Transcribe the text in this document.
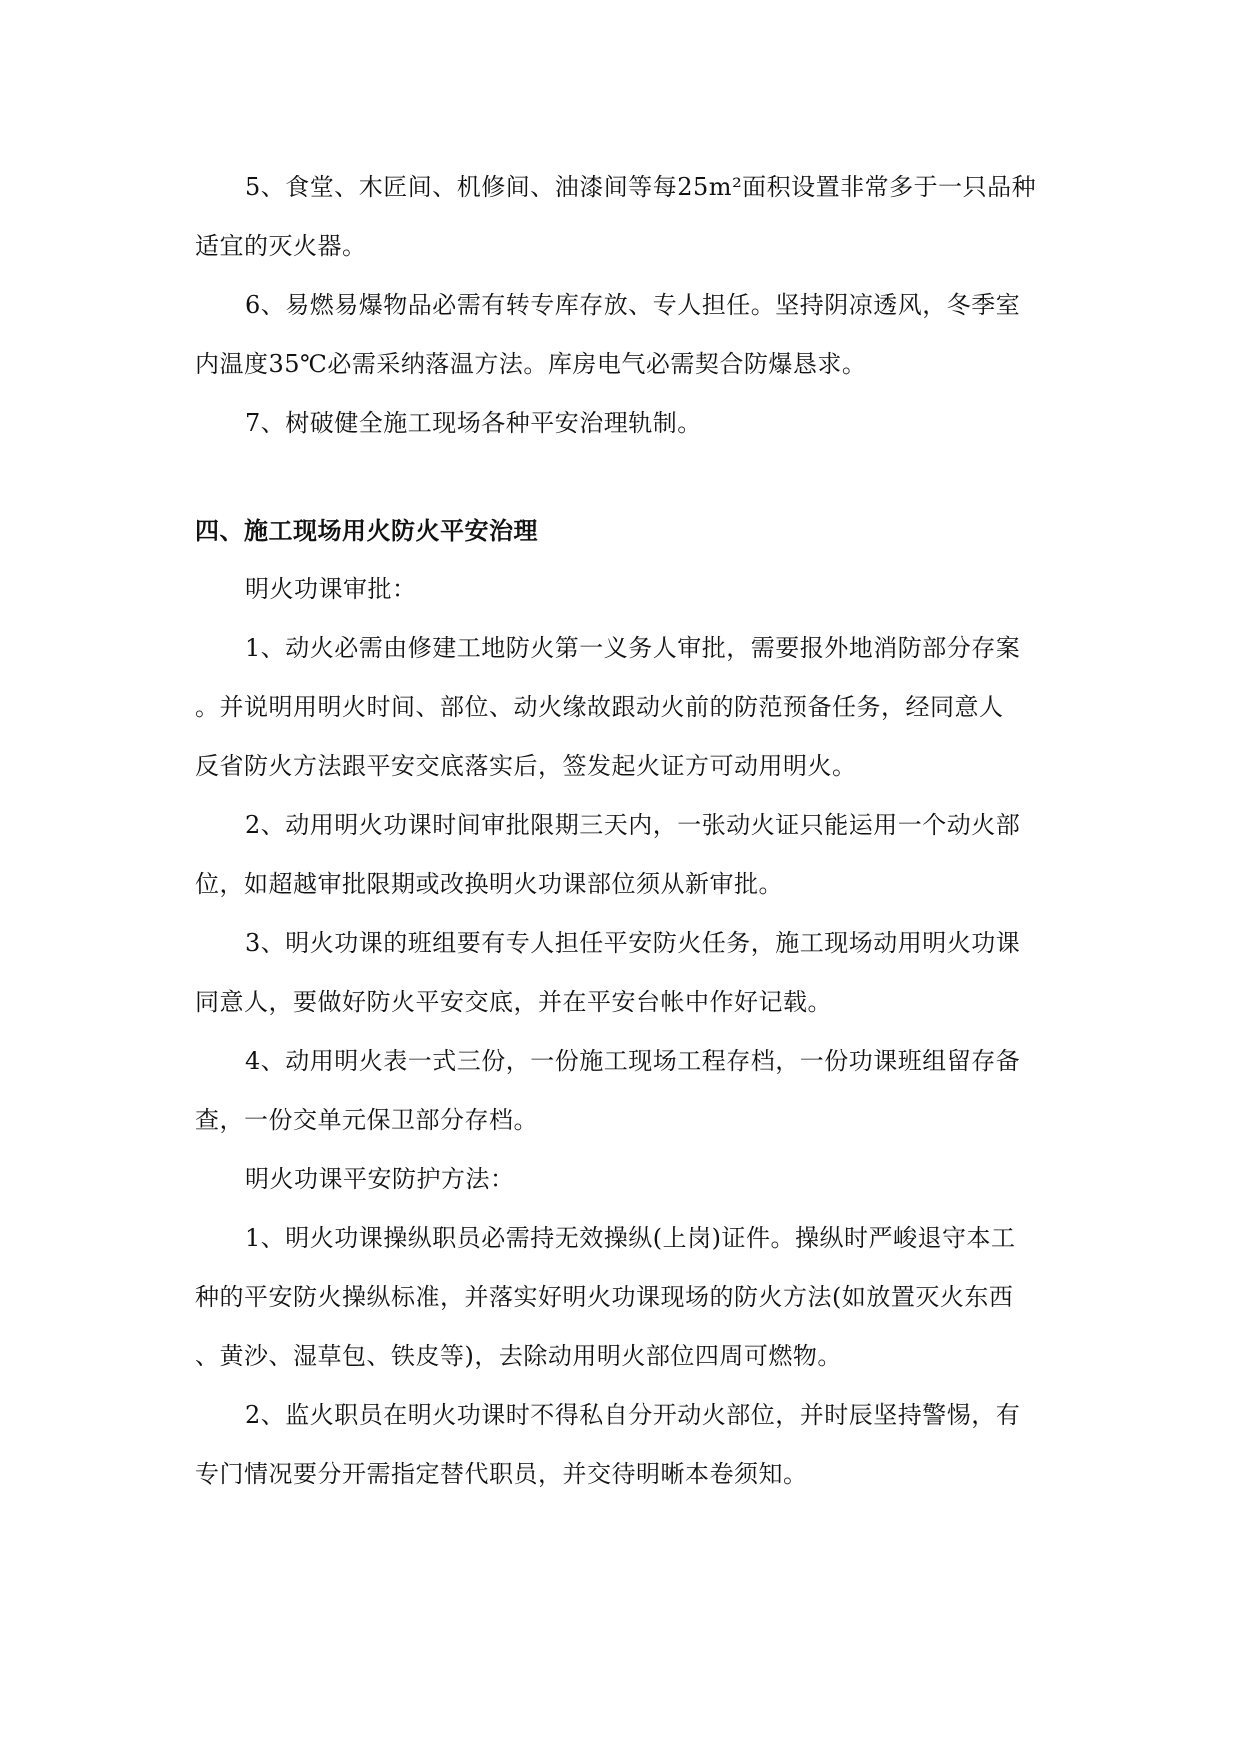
5、食堂、木匠间、机修间、油漆间等每25m²面积设置非常多于一只品种
适宜的灭火器。
6、易燃易爆物品必需有转专库存放、专人担任。坚持阴凉透风，冬季室
内温度35℃必需采纳落温方法。库房电气必需契合防爆恳求。
7、树破健全施工现场各种平安治理轨制。
四、施工现场用火防火平安治理
明火功课审批：
1、动火必需由修建工地防火第一义务人审批，需要报外地消防部分存案
。并说明用明火时间、部位、动火缘故跟动火前的防范预备任务，经同意人
反省防火方法跟平安交底落实后，签发起火证方可动用明火。
2、动用明火功课时间审批限期三天内，一张动火证只能运用一个动火部
位，如超越审批限期或改换明火功课部位须从新审批。
3、明火功课的班组要有专人担任平安防火任务，施工现场动用明火功课
同意人，要做好防火平安交底，并在平安台帐中作好记载。
4、动用明火表一式三份，一份施工现场工程存档，一份功课班组留存备
查，一份交单元保卫部分存档。
明火功课平安防护方法：
1、明火功课操纵职员必需持无效操纵(上岗)证件。操纵时严峻退守本工
种的平安防火操纵标准，并落实好明火功课现场的防火方法(如放置灭火东西
、黄沙、湿草包、铁皮等)，去除动用明火部位四周可燃物。
2、监火职员在明火功课时不得私自分开动火部位，并时辰坚持警惕，有
专门情况要分开需指定替代职员，并交待明晰本卷须知。
